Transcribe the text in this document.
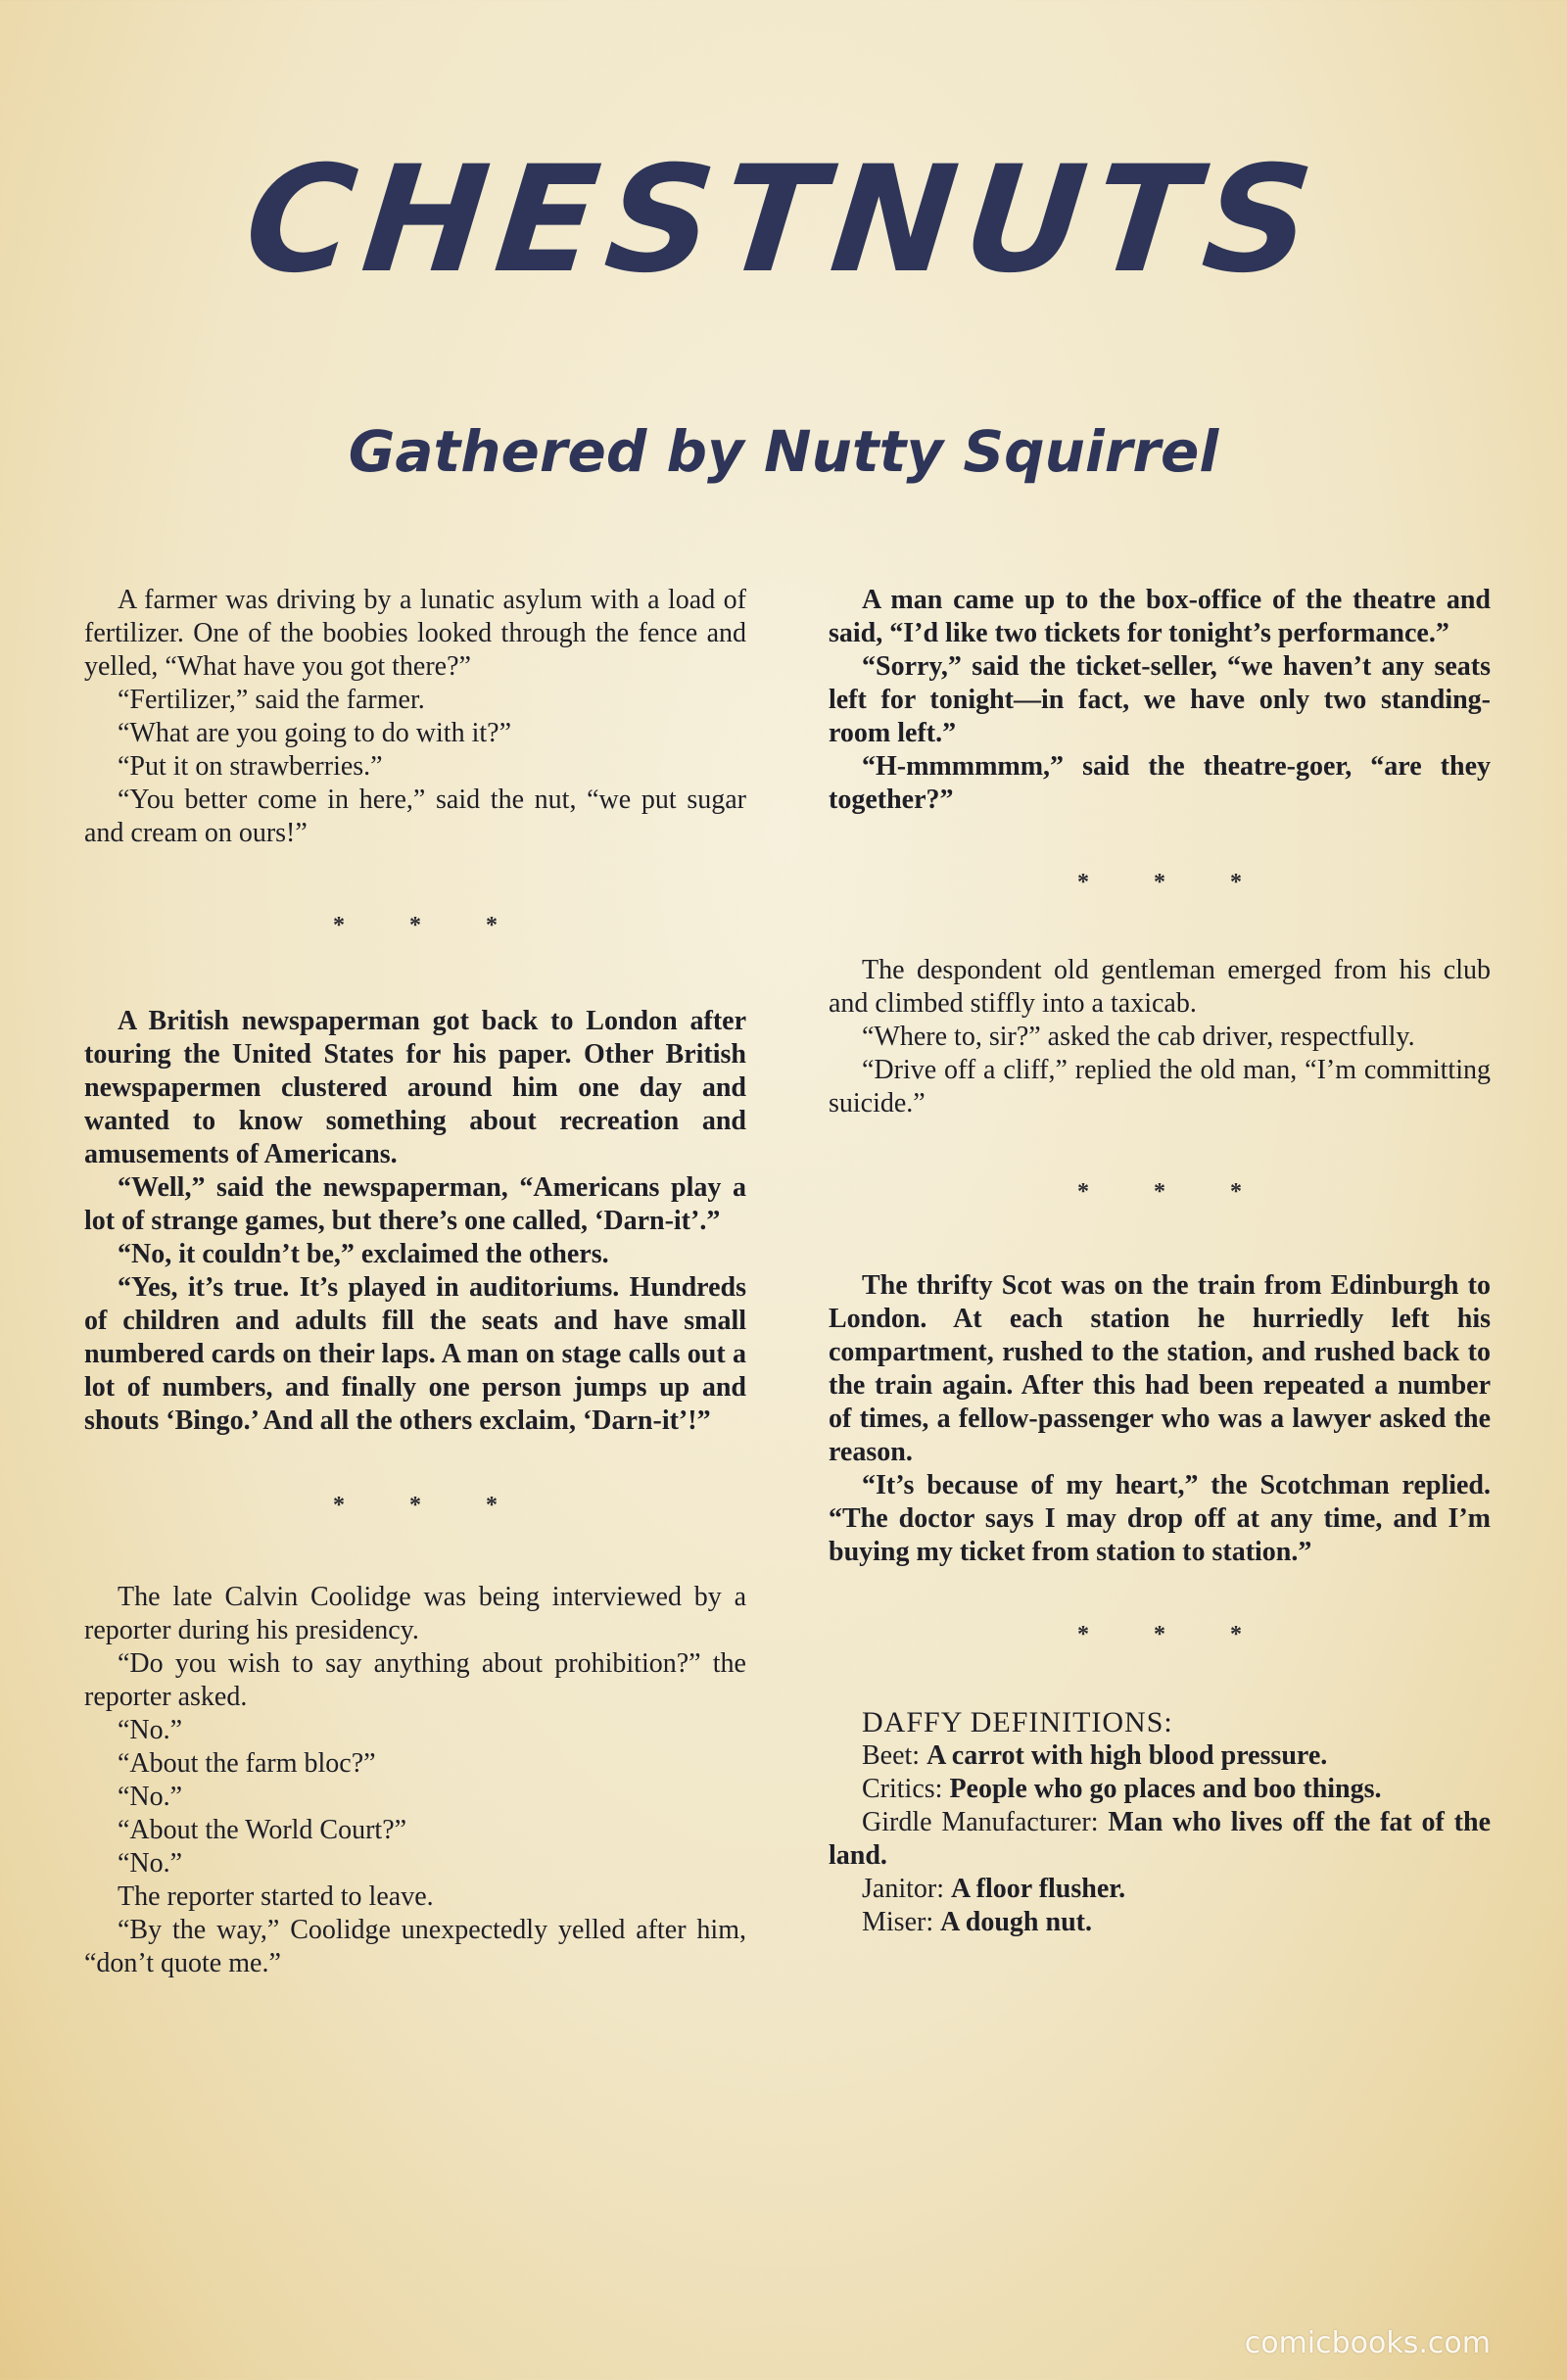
CHESTNUTS
Gathered by Nutty Squirrel

A farmer was driving by a lunatic asylum with a load of fertilizer. One of the boobies looked through the fence and yelled, “What have you got there?”

“Fertilizer,” said the farmer.

“What are you going to do with it?”

“Put it on strawberries.”

“You better come in here,” said the nut, “we put sugar and cream on ours!”

* * *

A British newspaperman got back to London after touring the United States for his paper. Other British newspapermen clustered around him one day and wanted to know something about recreation and amusements of Americans.

“Well,” said the newspaperman, “Americans play a lot of strange games, but there’s one called, ‘Darn-it’.”

“No, it couldn’t be,” exclaimed the others.

“Yes, it’s true. It’s played in auditoriums. Hundreds of children and adults fill the seats and have small numbered cards on their laps. A man on stage calls out a lot of numbers, and finally one person jumps up and shouts ‘Bingo.’ And all the others exclaim, ‘Darn-it’!”

* * *

The late Calvin Coolidge was being interviewed by a reporter during his presidency.

“Do you wish to say anything about prohibition?” the reporter asked.

“No.”

“About the farm bloc?”

“No.”

“About the World Court?”

“No.”

The reporter started to leave.

“By the way,” Coolidge unexpectedly yelled after him, “don’t quote me.”

A man came up to the box-office of the theatre and said, “I’d like two tickets for tonight’s performance.”

“Sorry,” said the ticket-seller, “we haven’t any seats left for tonight—in fact, we have only two standing-room left.”

“H-mmmmmm,” said the theatre-goer, “are they together?”

* * *

The despondent old gentleman emerged from his club and climbed stiffly into a taxicab.

“Where to, sir?” asked the cab driver, respectfully.

“Drive off a cliff,” replied the old man, “I’m committing suicide.”

* * *

The thrifty Scot was on the train from Edinburgh to London. At each station he hurriedly left his compartment, rushed to the station, and rushed back to the train again. After this had been repeated a number of times, a fellow-passenger who was a lawyer asked the reason.

“It’s because of my heart,” the Scotchman replied. “The doctor says I may drop off at any time, and I’m buying my ticket from station to station.”

* * *

DAFFY DEFINITIONS:

Beet: A carrot with high blood pressure.

Critics: People who go places and boo things.

Girdle Manufacturer: Man who lives off the fat of the land.

Janitor: A floor flusher.

Miser: A dough nut.

comicbooks.com
